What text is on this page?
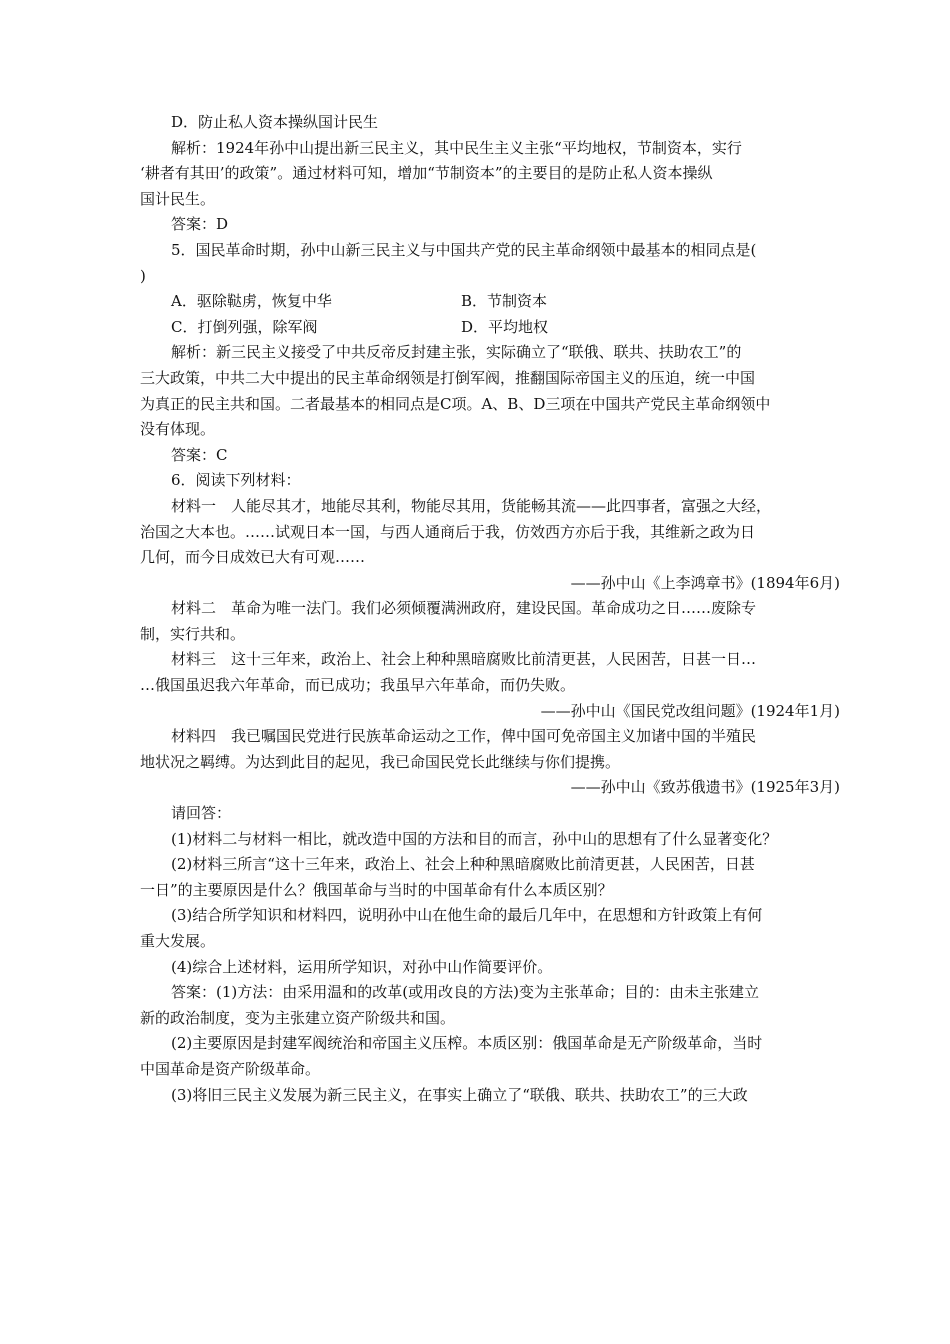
D．防止私人资本操纵国计民生
解析：1924年孙中山提出新三民主义，其中民生主义主张“平均地权，节制资本，实行
‘耕者有其田’的政策”。通过材料可知，增加“节制资本”的主要目的是防止私人资本操纵
国计民生。
答案：D
5．国民革命时期，孙中山新三民主义与中国共产党的民主革命纲领中最基本的相同点是(
)
A．驱除鞑虏，恢复中华	B．节制资本
C．打倒列强，除军阀	D．平均地权
解析：新三民主义接受了中共反帝反封建主张，实际确立了“联俄、联共、扶助农工”的
三大政策，中共二大中提出的民主革命纲领是打倒军阀，推翻国际帝国主义的压迫，统一中国
为真正的民主共和国。二者最基本的相同点是C项。A、B、D三项在中国共产党民主革命纲领中
没有体现。
答案：C
6．阅读下列材料：
材料一　人能尽其才，地能尽其利，物能尽其用，货能畅其流——此四事者，富强之大经，
治国之大本也。……试观日本一国，与西人通商后于我，仿效西方亦后于我，其维新之政为日
几何，而今日成效已大有可观……
——孙中山《上李鸿章书》(1894年6月)
材料二　革命为唯一法门。我们必须倾覆满洲政府，建设民国。革命成功之日……废除专
制，实行共和。
材料三　这十三年来，政治上、社会上种种黑暗腐败比前清更甚，人民困苦，日甚一日…
…俄国虽迟我六年革命，而已成功；我虽早六年革命，而仍失败。
——孙中山《国民党改组问题》(1924年1月)
材料四　我已嘱国民党进行民族革命运动之工作，俾中国可免帝国主义加诸中国的半殖民
地状况之羁缚。为达到此目的起见，我已命国民党长此继续与你们提携。
——孙中山《致苏俄遗书》(1925年3月)
请回答：
(1)材料二与材料一相比，就改造中国的方法和目的而言，孙中山的思想有了什么显著变化？
(2)材料三所言“这十三年来，政治上、社会上种种黑暗腐败比前清更甚，人民困苦，日甚
一日”的主要原因是什么？俄国革命与当时的中国革命有什么本质区别？
(3)结合所学知识和材料四，说明孙中山在他生命的最后几年中，在思想和方针政策上有何
重大发展。
(4)综合上述材料，运用所学知识，对孙中山作简要评价。
答案：(1)方法：由采用温和的改革(或用改良的方法)变为主张革命；目的：由未主张建立
新的政治制度，变为主张建立资产阶级共和国。
(2)主要原因是封建军阀统治和帝国主义压榨。本质区别：俄国革命是无产阶级革命，当时
中国革命是资产阶级革命。
(3)将旧三民主义发展为新三民主义，在事实上确立了“联俄、联共、扶助农工”的三大政
